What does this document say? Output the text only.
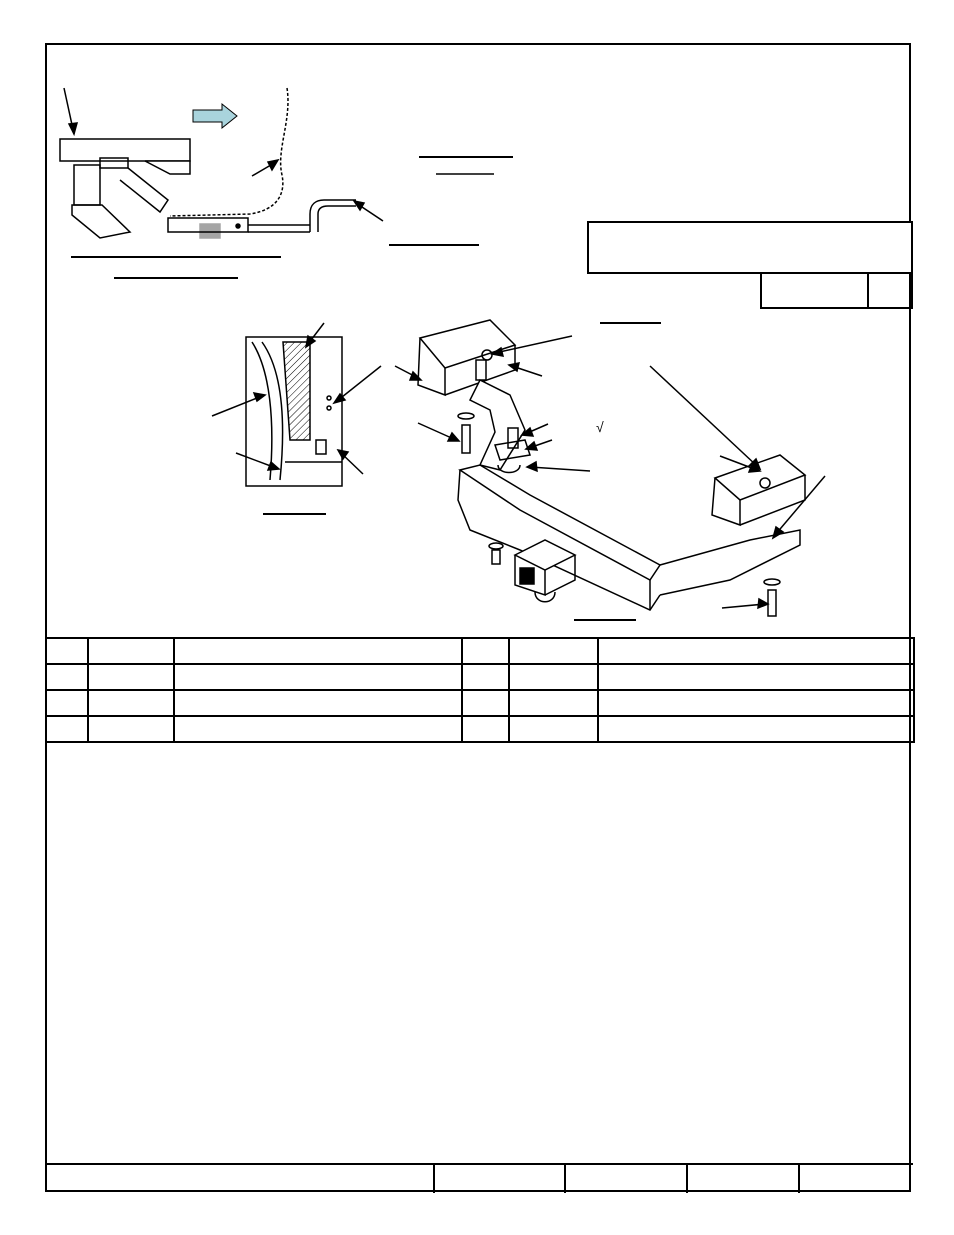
√
